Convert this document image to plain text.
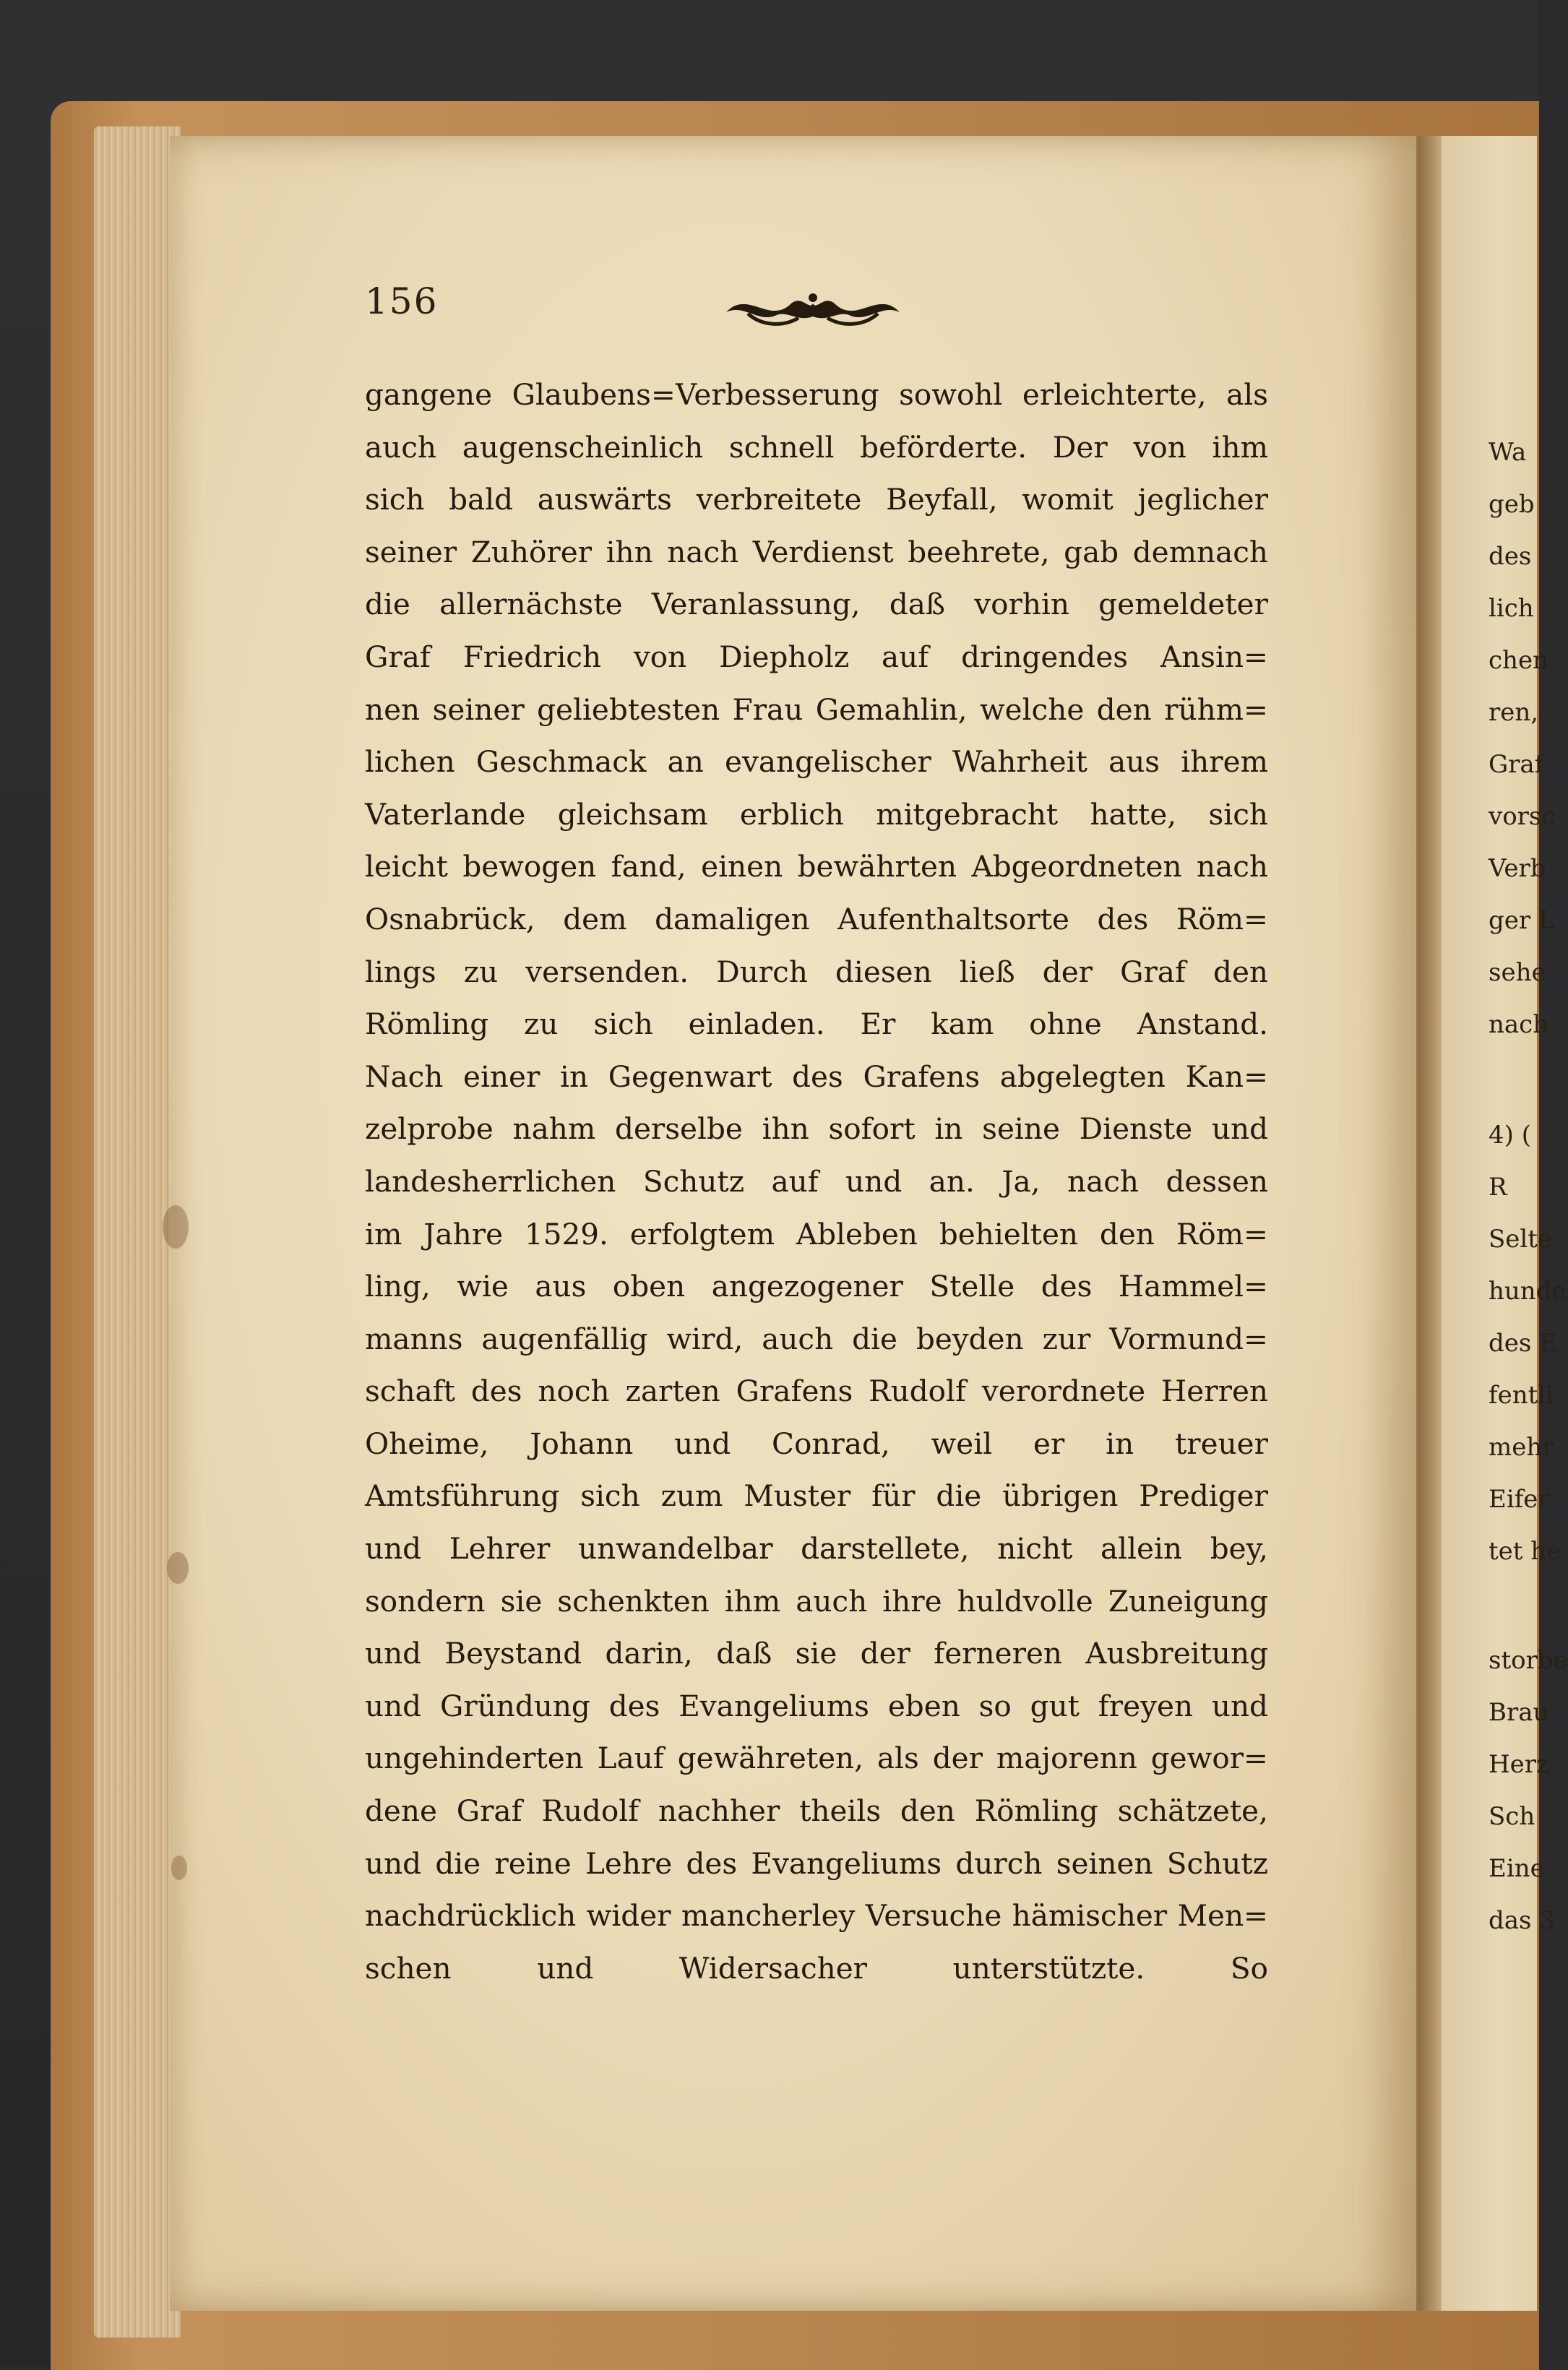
Wa
geb
des
lich
chen
ren,
Graf
vorsc
Verb
ger L
sehe
nach
4) (
R
Selte
hunde
des E
fentli
mehr
Eifer
tet he
storbe
Brau
Herz
Sch
Eine
das 3
156
gangene Glaubens=Verbesserung sowohl erleichterte, als
auch augenscheinlich schnell beförderte. Der von ihm
sich bald auswärts verbreitete Beyfall, womit jeglicher
seiner Zuhörer ihn nach Verdienst beehrete, gab demnach
die allernächste Veranlassung, daß vorhin gemeldeter
Graf Friedrich von Diepholz auf dringendes Ansin=
nen seiner geliebtesten Frau Gemahlin, welche den rühm=
lichen Geschmack an evangelischer Wahrheit aus ihrem
Vaterlande gleichsam erblich mitgebracht hatte, sich
leicht bewogen fand, einen bewährten Abgeordneten nach
Osnabrück, dem damaligen Aufenthaltsorte des Röm=
lings zu versenden. Durch diesen ließ der Graf den
Römling zu sich einladen. Er kam ohne Anstand.
Nach einer in Gegenwart des Grafens abgelegten Kan=
zelprobe nahm derselbe ihn sofort in seine Dienste und
landesherrlichen Schutz auf und an. Ja, nach dessen
im Jahre 1529. erfolgtem Ableben behielten den Röm=
ling, wie aus oben angezogener Stelle des Hammel=
manns augenfällig wird, auch die beyden zur Vormund=
schaft des noch zarten Grafens Rudolf verordnete Herren
Oheime, Johann und Conrad, weil er in treuer
Amtsführung sich zum Muster für die übrigen Prediger
und Lehrer unwandelbar darstellete, nicht allein bey,
sondern sie schenkten ihm auch ihre huldvolle Zuneigung
und Beystand darin, daß sie der ferneren Ausbreitung
und Gründung des Evangeliums eben so gut freyen und
ungehinderten Lauf gewähreten, als der majorenn gewor=
dene Graf Rudolf nachher theils den Römling schätzete,
und die reine Lehre des Evangeliums durch seinen Schutz
nachdrücklich wider mancherley Versuche hämischer Men=
schen und Widersacher unterstützte. So
